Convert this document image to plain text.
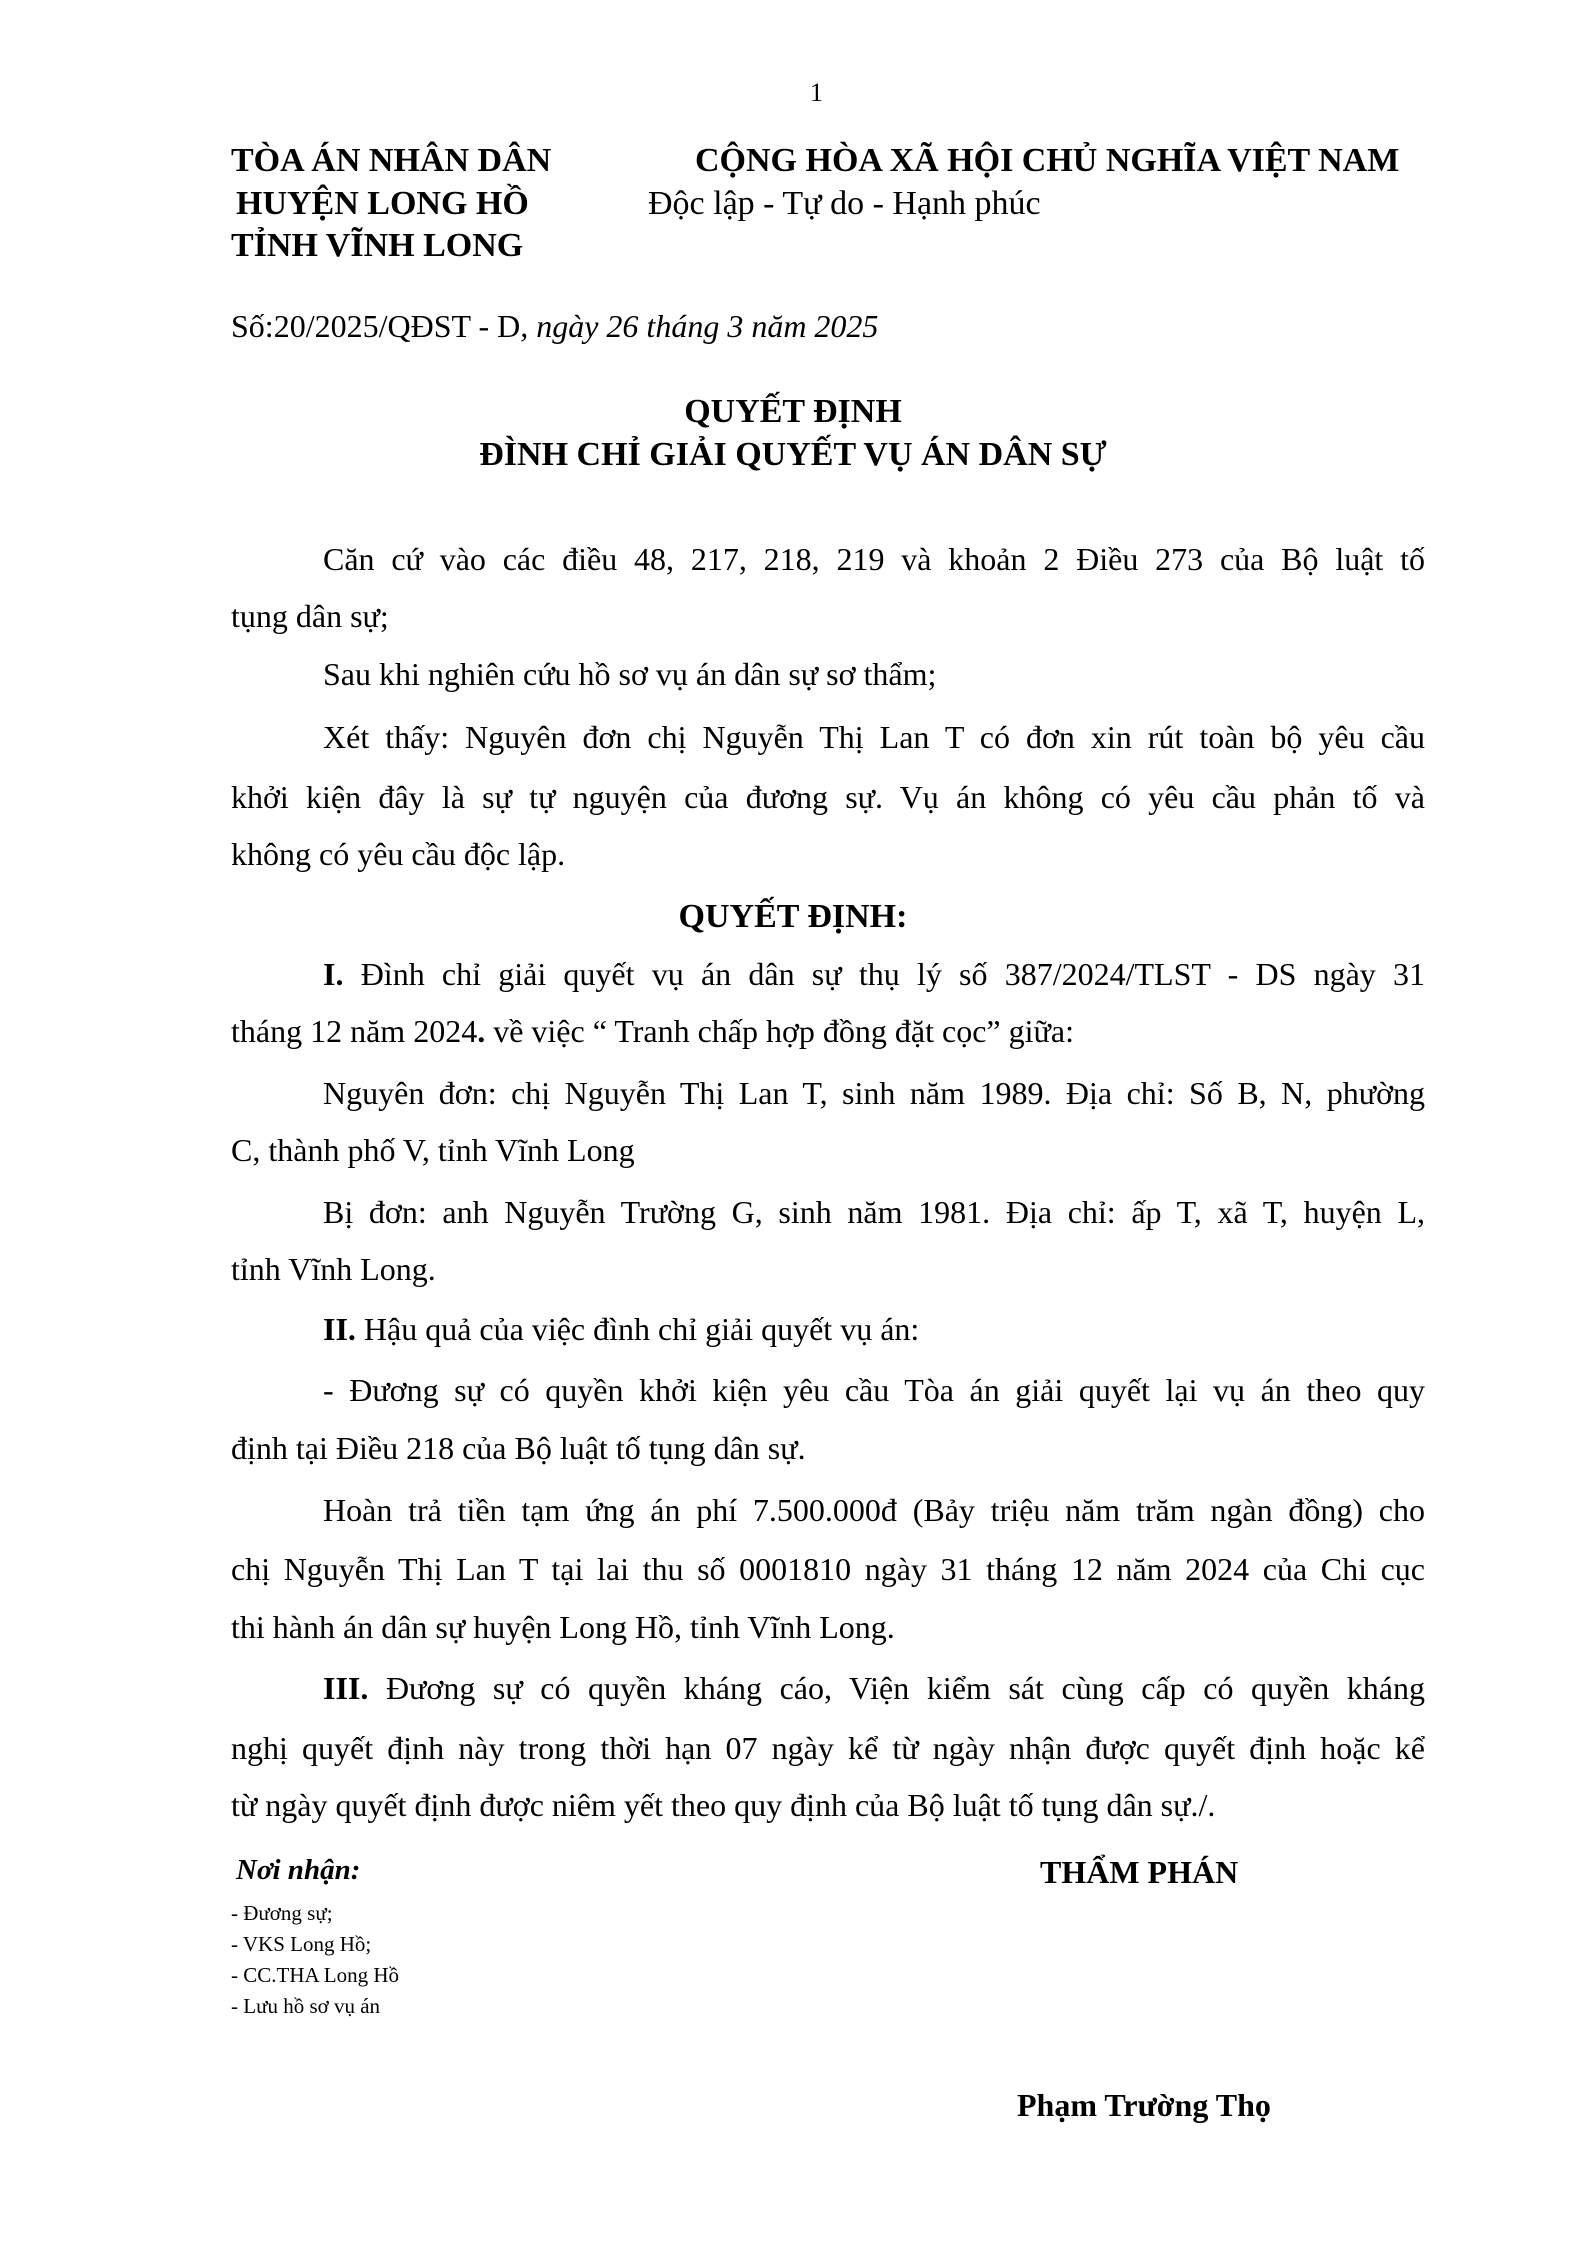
1
TÒA ÁN NHÂN DÂN
HUYỆN LONG HỒ
TỈNH VĨNH LONG
CỘNG HÒA XÃ HỘI CHỦ NGHĨA VIỆT NAM
Độc lập - Tự do - Hạnh phúc
Số:20/2025/QĐST - D, ngày 26 tháng 3 năm 2025
QUYẾT ĐỊNH
ĐÌNH CHỈ GIẢI QUYẾT VỤ ÁN DÂN SỰ
Căn cứ vào các điều 48, 217, 218, 219 và khoản 2 Điều 273 của Bộ luật tố
tụng dân sự;
Sau khi nghiên cứu hồ sơ vụ án dân sự sơ thẩm;
Xét thấy: Nguyên đơn chị Nguyễn Thị Lan T có đơn xin rút toàn bộ yêu cầu
khởi kiện đây là sự tự nguyện của đương sự. Vụ án không có yêu cầu phản tố và
không có yêu cầu độc lập.
QUYẾT ĐỊNH:
I. Đình chỉ giải quyết vụ án dân sự thụ lý số 387/2024/TLST - DS ngày 31
tháng 12 năm 2024. về việc “ Tranh chấp hợp đồng đặt cọc” giữa:
Nguyên đơn: chị Nguyễn Thị Lan T, sinh năm 1989. Địa chỉ: Số B, N, phường
C, thành phố V, tỉnh Vĩnh Long
Bị đơn: anh Nguyễn Trường G, sinh năm 1981. Địa chỉ: ấp T, xã T, huyện L,
tỉnh Vĩnh Long.
II. Hậu quả của việc đình chỉ giải quyết vụ án:
- Đương sự có quyền khởi kiện yêu cầu Tòa án giải quyết lại vụ án theo quy
định tại Điều 218 của Bộ luật tố tụng dân sự.
Hoàn trả tiền tạm ứng án phí 7.500.000đ (Bảy triệu năm trăm ngàn đồng) cho
chị Nguyễn Thị Lan T tại lai thu số 0001810 ngày 31 tháng 12 năm 2024 của Chi cục
thi hành án dân sự huyện Long Hồ, tỉnh Vĩnh Long.
III. Đương sự có quyền kháng cáo, Viện kiểm sát cùng cấp có quyền kháng
nghị quyết định này trong thời hạn 07 ngày kể từ ngày nhận được quyết định hoặc kể
từ ngày quyết định được niêm yết theo quy định của Bộ luật tố tụng dân sự./.
Nơi nhận:
- Đương sự;
- VKS Long Hồ;
- CC.THA Long Hồ
- Lưu hồ sơ vụ án
THẨM PHÁN
Phạm Trường Thọ
